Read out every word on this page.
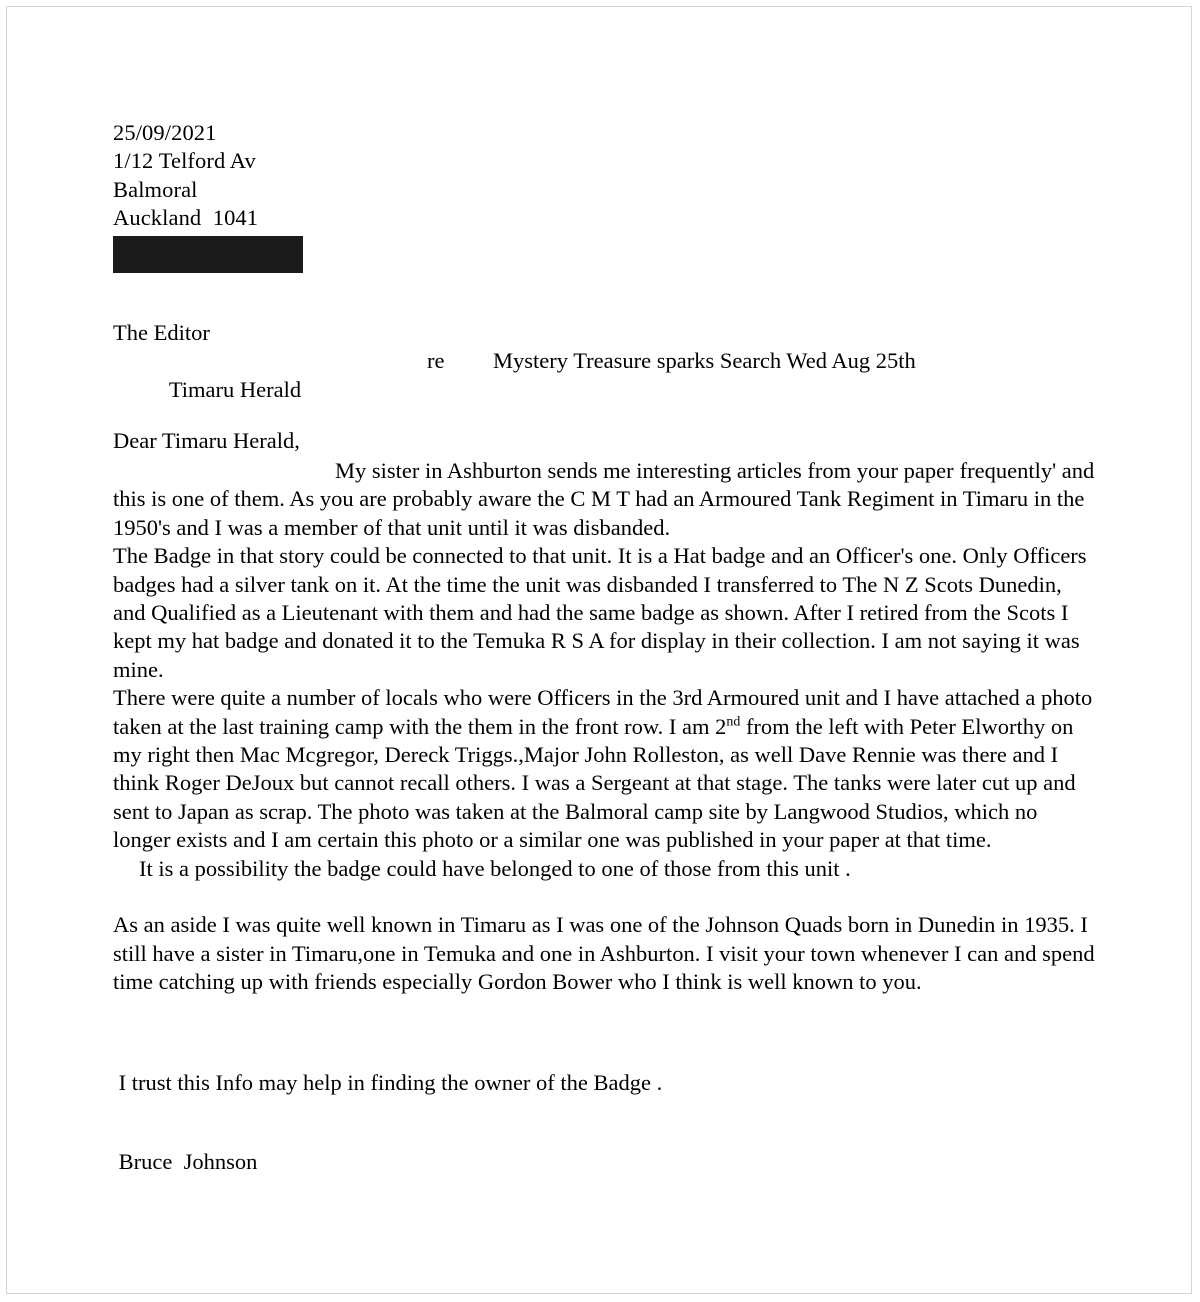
25/09/2021
1/12 Telford Av
Balmoral
Auckland  1041
The Editor

Timaru Herald

re

Mystery Treasure sparks Search Wed Aug 25th

Dear Timaru Herald,

My sister in Ashburton sends me interesting articles from your paper frequently' and this is one of them. As you are probably aware the C M T had an Armoured Tank Regiment in Timaru in the 1950's and I was a member of that unit until it was disbanded.

The Badge in that story could be connected to that unit. It is a Hat badge and an Officer's one. Only Officers badges had a silver tank on it. At the time the unit was disbanded I transferred to The N Z Scots Dunedin, and Qualified as a Lieutenant with them and had the same badge as shown. After I retired from the Scots I kept my hat badge and donated it to the Temuka R S A for display in their collection. I am not saying it was mine.

There were quite a number of locals who were Officers in the 3rd Armoured unit and I have attached a photo taken at the last training camp with the them in the front row. I am 2nd from the left with Peter Elworthy on my right then Mac Mcgregor, Dereck Triggs.,Major John Rolleston, as well Dave Rennie was there and I think Roger DeJoux but cannot recall others. I was a Sergeant at that stage. The tanks were later cut up and sent to Japan as scrap. The photo was taken at the Balmoral camp site by Langwood Studios, which no longer exists and I am certain this photo or a similar one was published in your paper at that time.

It is a possibility the badge could have belonged to one of those from this unit .

As an aside I was quite well known in Timaru as I was one of the Johnson Quads born in Dunedin in 1935. I still have a sister in Timaru,one in Temuka and one in Ashburton. I visit your town whenever I can and spend time catching up with friends especially Gordon Bower who I think is well known to you.

I trust this Info may help in finding the owner of the Badge .
Bruce  Johnson
